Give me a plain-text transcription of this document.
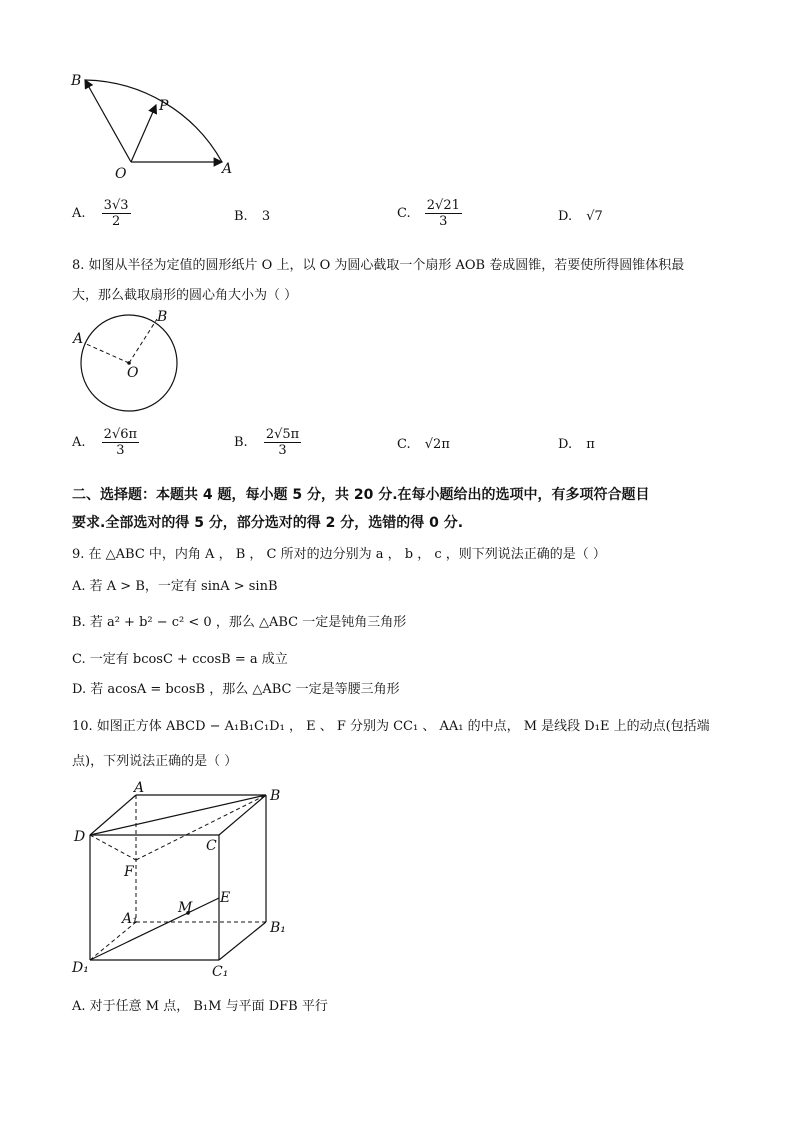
B
P
O	A
A. $\frac{3√3}{2}$	B. 3	C. $\frac{2√21}{3}$	D. √7
8. 如图从半径为定值的圆形纸片 O 上，以 O 为圆心截取一个扇形 AOB 卷成圆锥，若要使所得圆锥体积最
大，那么截取扇形的圆心角大小为（ ）
A
B
O
A. $\frac{2√6\pi}{3}$	B. $\frac{2√5\pi}{3}$	C. √2π	D. π
二、选择题：本题共 4 题，每小题 5 分，共 20 分.在每小题给出的选项中，有多项符合题目
要求.全部选对的得 5 分，部分选对的得 2 分，选错的得 0 分.
9. 在 △ABC 中，内角 A ， B ， C 所对的边分别为 a ， b ， c ，则下列说法正确的是（ ）
A. 若 A > B，一定有 sinA > sinB
B. 若 a² + b² − c² < 0 ，那么 △ABC 一定是钝角三角形
C. 一定有 bcosC + ccosB = a 成立
D. 若 acosA = bcosB ，那么 △ABC 一定是等腰三角形
10. 如图正方体 ABCD − A₁B₁C₁D₁ ， E 、 F 分别为 CC₁ 、 AA₁ 的中点， M 是线段 D₁E 上的动点(包括端
点)，下列说法正确的是（ ）
A	B
D
C
F
E
M
A₁
B₁
D₁	C₁
A. 对于任意 M 点， B₁M 与平面 DFB 平行
